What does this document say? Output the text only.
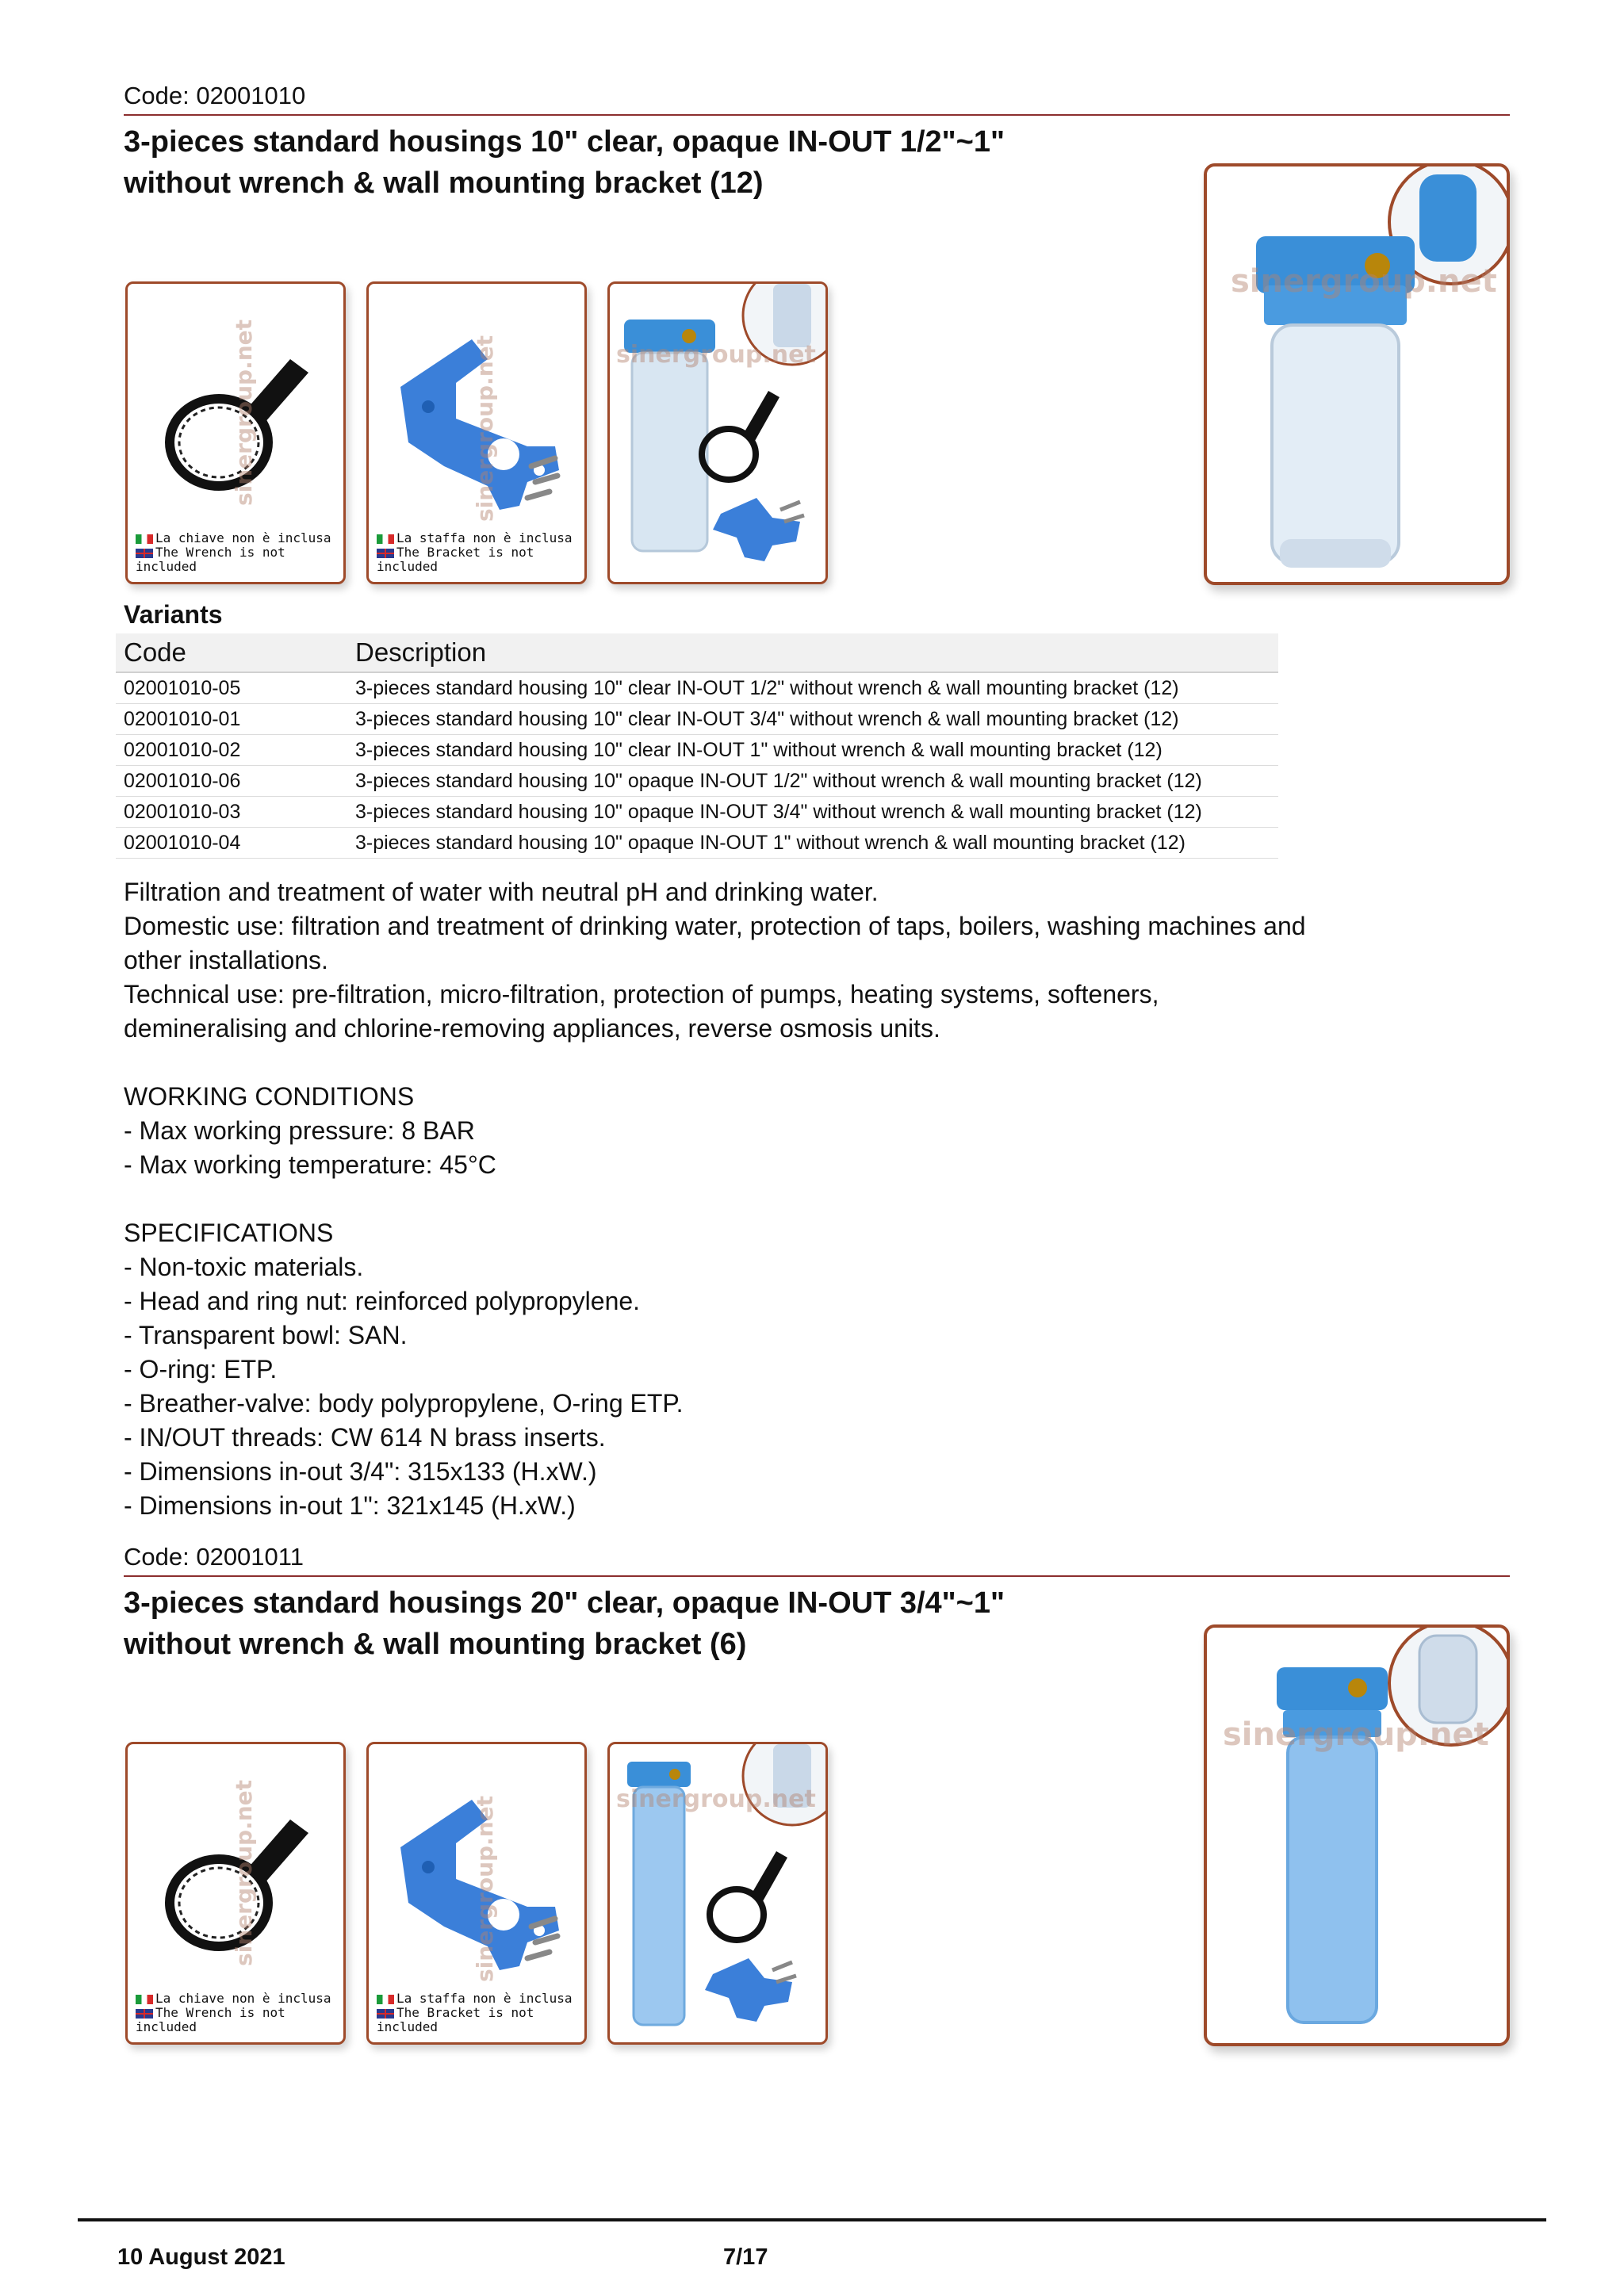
Code: 02001010
3-pieces standard housings 10" clear, opaque IN-OUT 1/2"~1"
without wrench & wall mounting bracket (12)
sinergroup.net
La chiave non è inclusa
The Wrench is not included
sinergroup.net
La staffa non è inclusa
The Bracket is not included
sinergroup.net
sinergroup.net
Variants
Code	Description
02001010-05	3-pieces standard housing 10" clear IN-OUT 1/2" without wrench & wall mounting bracket (12)
02001010-01	3-pieces standard housing 10" clear IN-OUT 3/4" without wrench & wall mounting bracket (12)
02001010-02	3-pieces standard housing 10" clear IN-OUT 1" without wrench & wall mounting bracket (12)
02001010-06	3-pieces standard housing 10" opaque IN-OUT 1/2" without wrench & wall mounting bracket (12)
02001010-03	3-pieces standard housing 10" opaque IN-OUT 3/4" without wrench & wall mounting bracket (12)
02001010-04	3-pieces standard housing 10" opaque IN-OUT 1" without wrench & wall mounting bracket (12)

Filtration and treatment of water with neutral pH and drinking water.

Domestic use: filtration and treatment of drinking water, protection of taps, boilers, washing machines and

other installations.

Technical use: pre-filtration, micro-filtration, protection of pumps, heating systems, softeners,

demineralising and chlorine-removing appliances, reverse osmosis units.

WORKING CONDITIONS

- Max working pressure: 8 BAR

- Max working temperature: 45°C

SPECIFICATIONS

- Non-toxic materials.

- Head and ring nut: reinforced polypropylene.

- Transparent bowl: SAN.

- O-ring: ETP.

- Breather-valve: body polypropylene, O-ring ETP.

- IN/OUT threads: CW 614 N brass inserts.

- Dimensions in-out 3/4": 315x133 (H.xW.)

- Dimensions in-out 1": 321x145 (H.xW.)

Code: 02001011
3-pieces standard housings 20" clear, opaque IN-OUT 3/4"~1"
without wrench & wall mounting bracket (6)
sinergroup.net
La chiave non è inclusa
The Wrench is not included
sinergroup.net
La staffa non è inclusa
The Bracket is not included
sinergroup.net
sinergroup.net
10 August 2021	7/17
